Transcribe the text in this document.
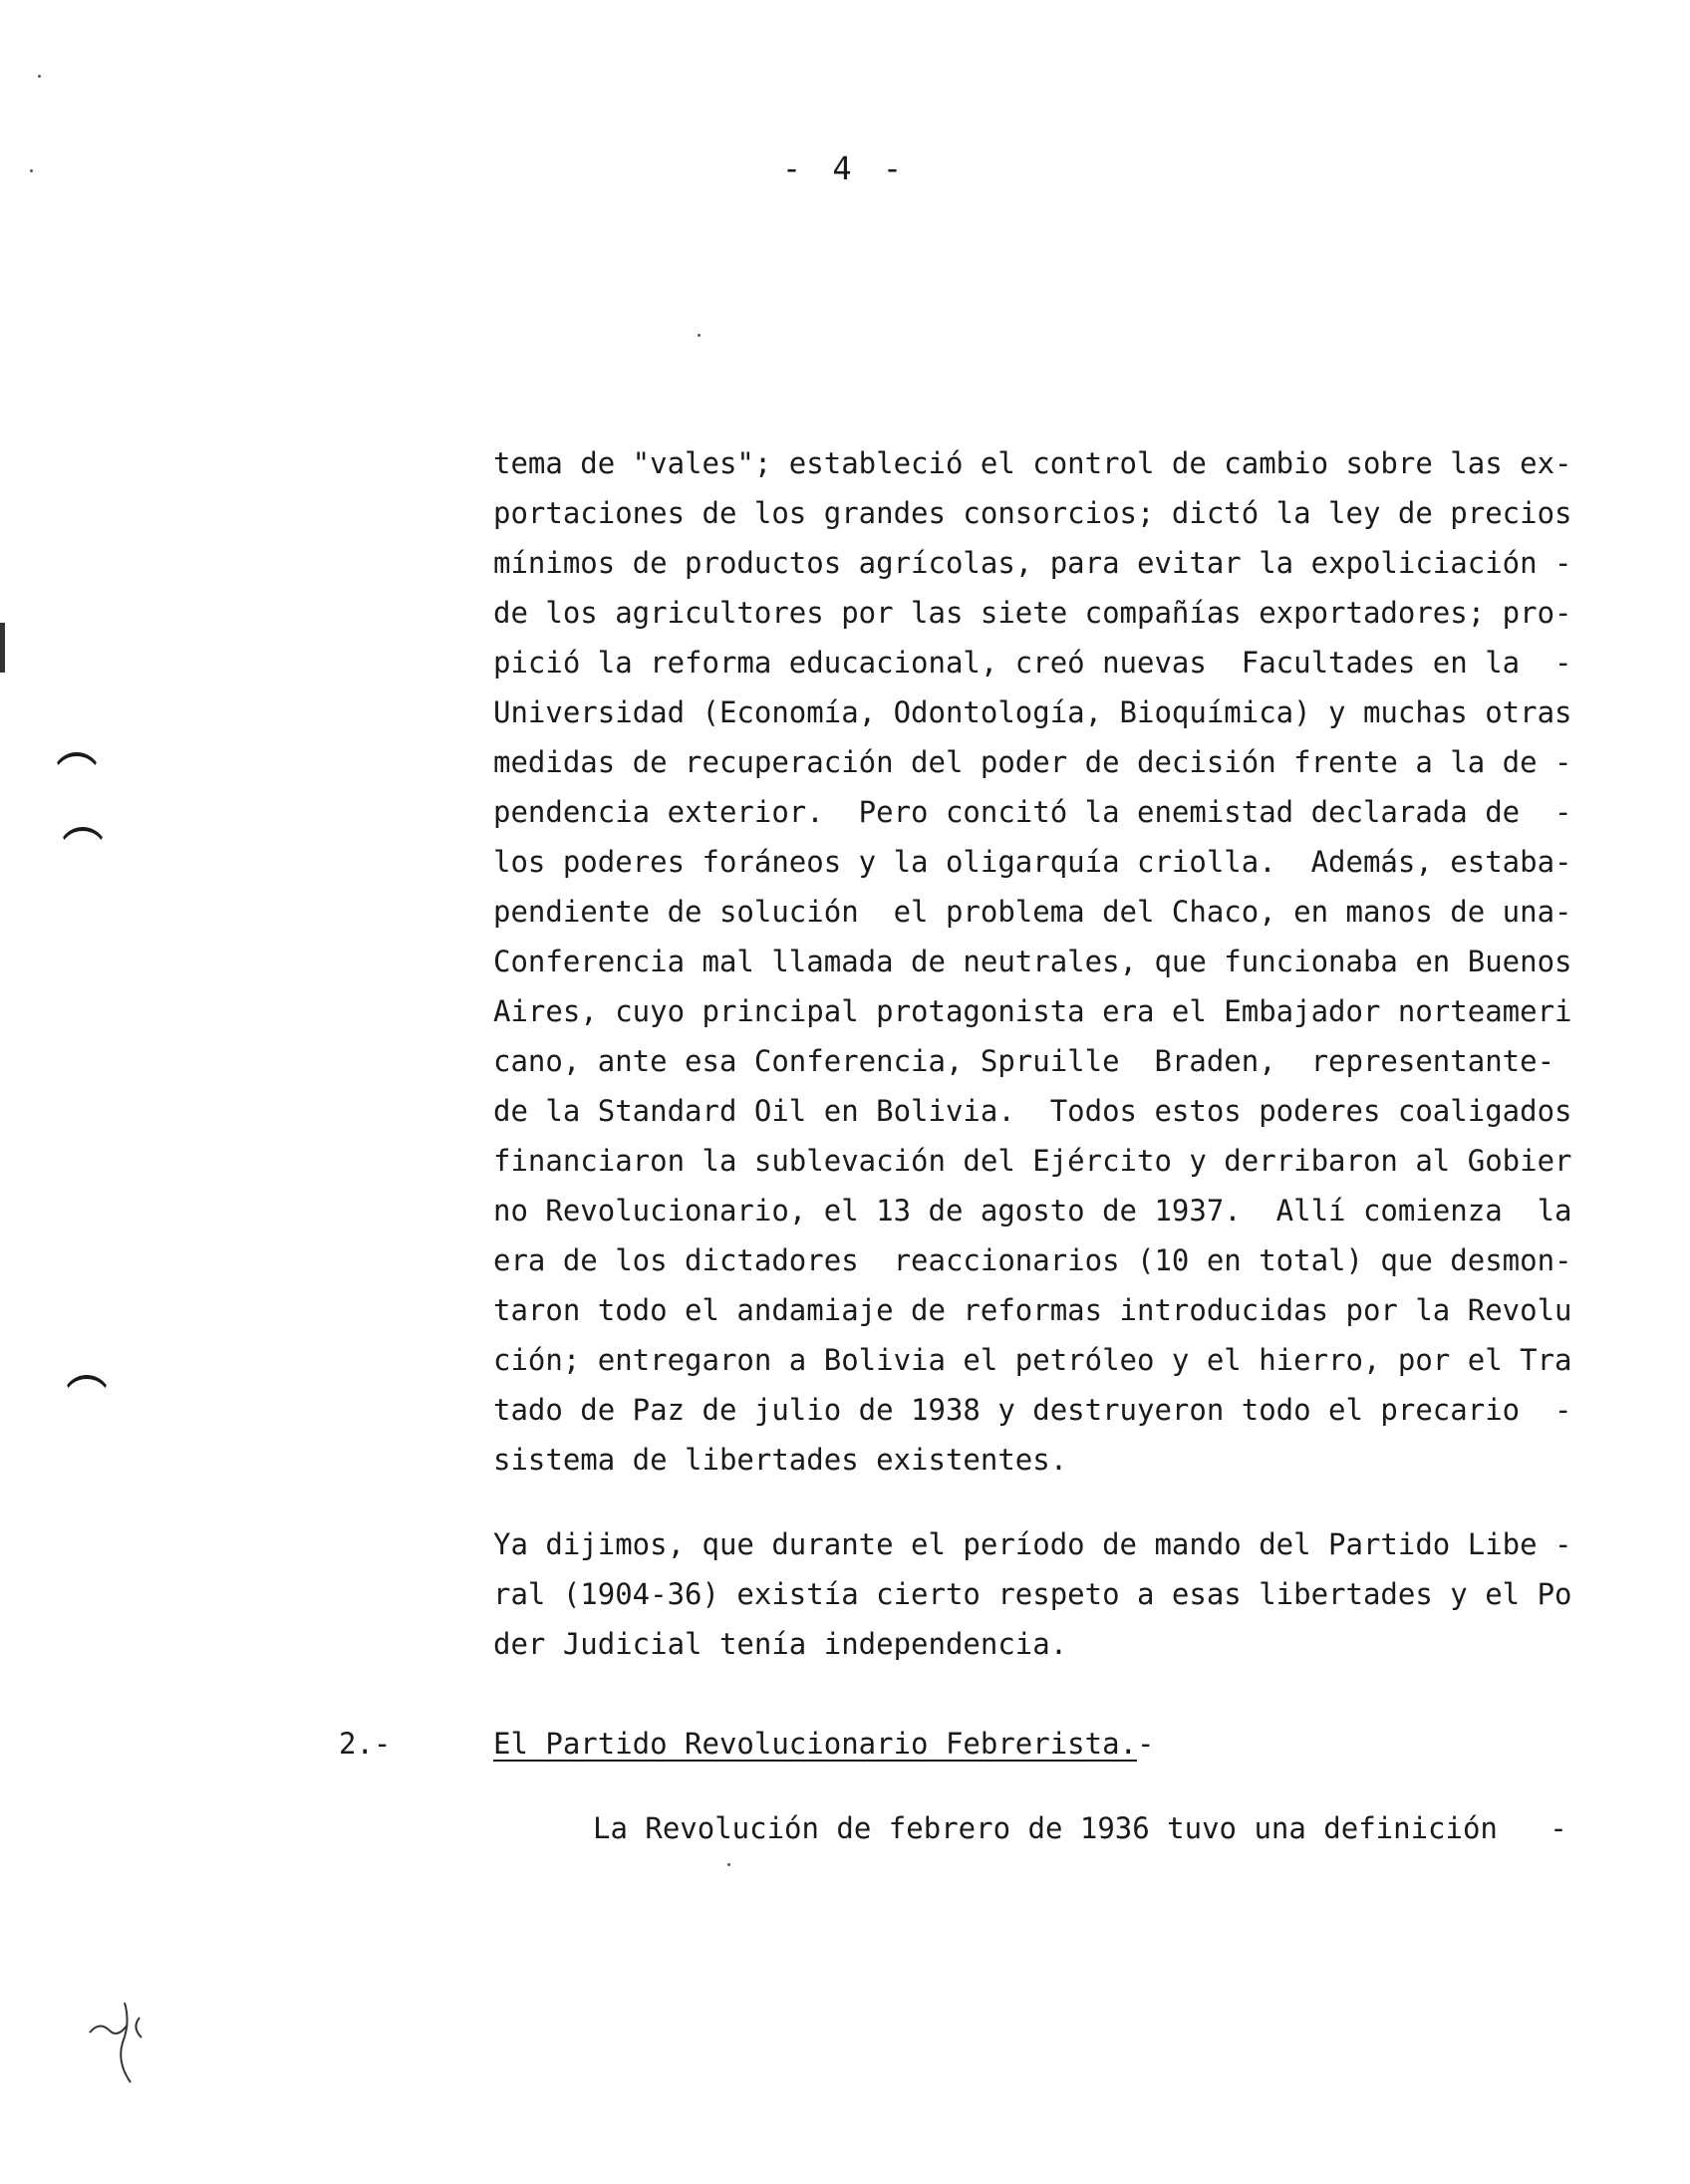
- 4 -

tema de "vales"; estableció el control de cambio sobre las ex-

portaciones de los grandes consorcios; dictó la ley de precios

mínimos de productos agrícolas, para evitar la expoliciación -

de los agricultores por las siete compañías exportadores; pro-

pició la reforma educacional, creó nuevas  Facultades en la  -

Universidad (Economía, Odontología, Bioquímica) y muchas otras

medidas de recuperación del poder de decisión frente a la de -

pendencia exterior.  Pero concitó la enemistad declarada de  -

los poderes foráneos y la oligarquía criolla.  Además, estaba-

pendiente de solución  el problema del Chaco, en manos de una-

Conferencia mal llamada de neutrales, que funcionaba en Buenos

Aires, cuyo principal protagonista era el Embajador norteameri

cano, ante esa Conferencia, Spruille  Braden,  representante-

de la Standard Oil en Bolivia.  Todos estos poderes coaligados

financiaron la sublevación del Ejército y derribaron al Gobier

no Revolucionario, el 13 de agosto de 1937.  Allí comienza  la

era de los dictadores  reaccionarios (10 en total) que desmon-

taron todo el andamiaje de reformas introducidas por la Revolu

ción; entregaron a Bolivia el petróleo y el hierro, por el Tra

tado de Paz de julio de 1938 y destruyeron todo el precario  -

sistema de libertades existentes.

Ya dijimos, que durante el período de mando del Partido Libe -

ral (1904-36) existía cierto respeto a esas libertades y el Po

der Judicial tenía independencia.

2.-	El Partido Revolucionario Febrerista.-
La Revolución de febrero de 1936 tuvo una definición   -
